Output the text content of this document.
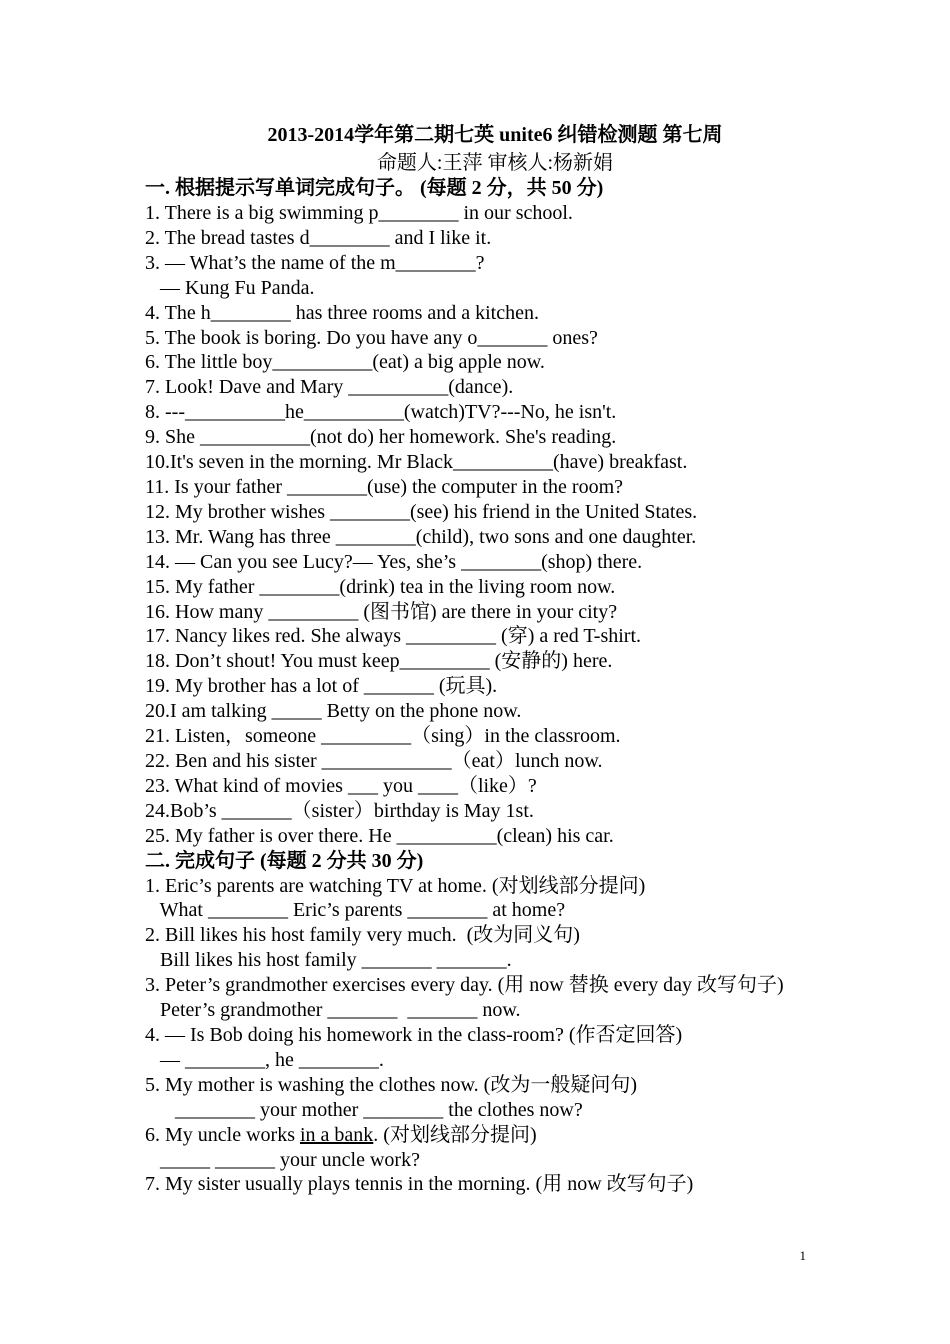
2013-2014学年第二期七英 unite6 纠错检测题 第七周
命题人:王萍 审核人:杨新娟
一. 根据提示写单词完成句子。 (每题 2 分，共 50 分)
1. There is a big swimming p________ in our school.
2. The bread tastes d________ and I like it.
3. — What’s the name of the m________?
— Kung Fu Panda.
4. The h________ has three rooms and a kitchen.
5. The book is boring. Do you have any o_______ ones?
6. The little boy__________(eat) a big apple now.
7. Look! Dave and Mary __________(dance).
8. ---__________he__________(watch)TV?---No, he isn't.
9. She ___________(not do) her homework. She's reading.
10.It's seven in the morning. Mr Black__________(have) breakfast.
11. Is your father ________(use) the computer in the room?
12. My brother wishes ________(see) his friend in the United States.
13. Mr. Wang has three ________(child), two sons and one daughter.
14. — Can you see Lucy?— Yes, she’s ________(shop) there.
15. My father ________(drink) tea in the living room now.
16. How many _________ (图书馆) are there in your city?
17. Nancy likes red. She always _________ (穿) a red T-shirt.
18. Don’t shout! You must keep_________ (安静的) here.
19. My brother has a lot of _______ (玩具).
20.I am talking _____ Betty on the phone now.
21. Listen，someone _________（sing）in the classroom.
22. Ben and his sister _____________（eat）lunch now.
23. What kind of movies ___ you ____（like）?
24.Bob’s _______（sister）birthday is May 1st.
25. My father is over there. He __________(clean) his car.
二. 完成句子 (每题 2 分共 30 分)
1. Eric’s parents are watching TV at home. (对划线部分提问)
What ________ Eric’s parents ________ at home?
2. Bill likes his host family very much.  (改为同义句)
Bill likes his host family _______ _______.
3. Peter’s grandmother exercises every day. (用 now 替换 every day 改写句子)
Peter’s grandmother _______  _______ now.
4. — Is Bob doing his homework in the class-room? (作否定回答)
— ________, he ________.
5. My mother is washing the clothes now. (改为一般疑问句)
________ your mother ________ the clothes now?
6. My uncle works in a bank. (对划线部分提问)
_____ ______ your uncle work?
7. My sister usually plays tennis in the morning. (用 now 改写句子)
1
